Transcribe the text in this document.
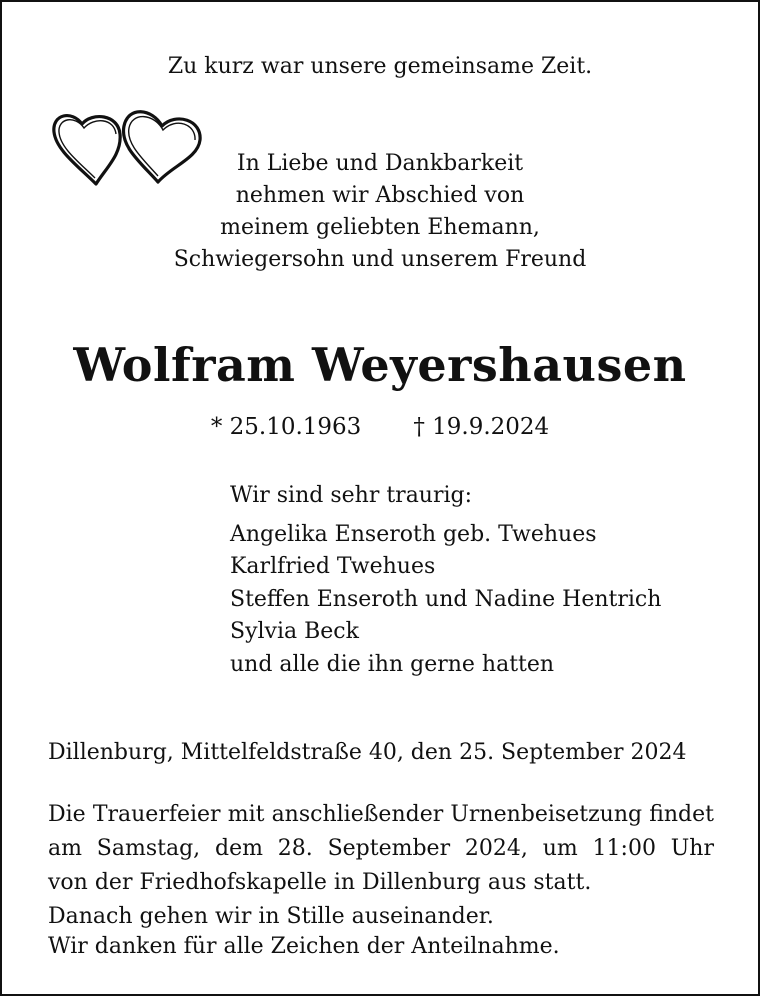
Zu kurz war unsere gemeinsame Zeit.
In Liebe und Dankbarkeit
nehmen wir Abschied von
meinem geliebten Ehemann,
Schwiegersohn und unserem Freund
Wolfram Weyershausen
* 25.10.1963 † 19.9.2024
Wir sind sehr traurig:
Angelika Enseroth geb. Twehues
Karlfried Twehues
Steffen Enseroth und Nadine Hentrich
Sylvia Beck
und alle die ihn gerne hatten
Dillenburg, Mittelfeldstraße 40, den 25. September 2024
Die Trauerfeier mit anschließender Urnenbeisetzung findet
am Samstag, dem 28. September 2024, um 11:00 Uhr
von der Friedhofskapelle in Dillenburg aus statt.
Danach gehen wir in Stille auseinander.
Wir danken für alle Zeichen der Anteilnahme.
